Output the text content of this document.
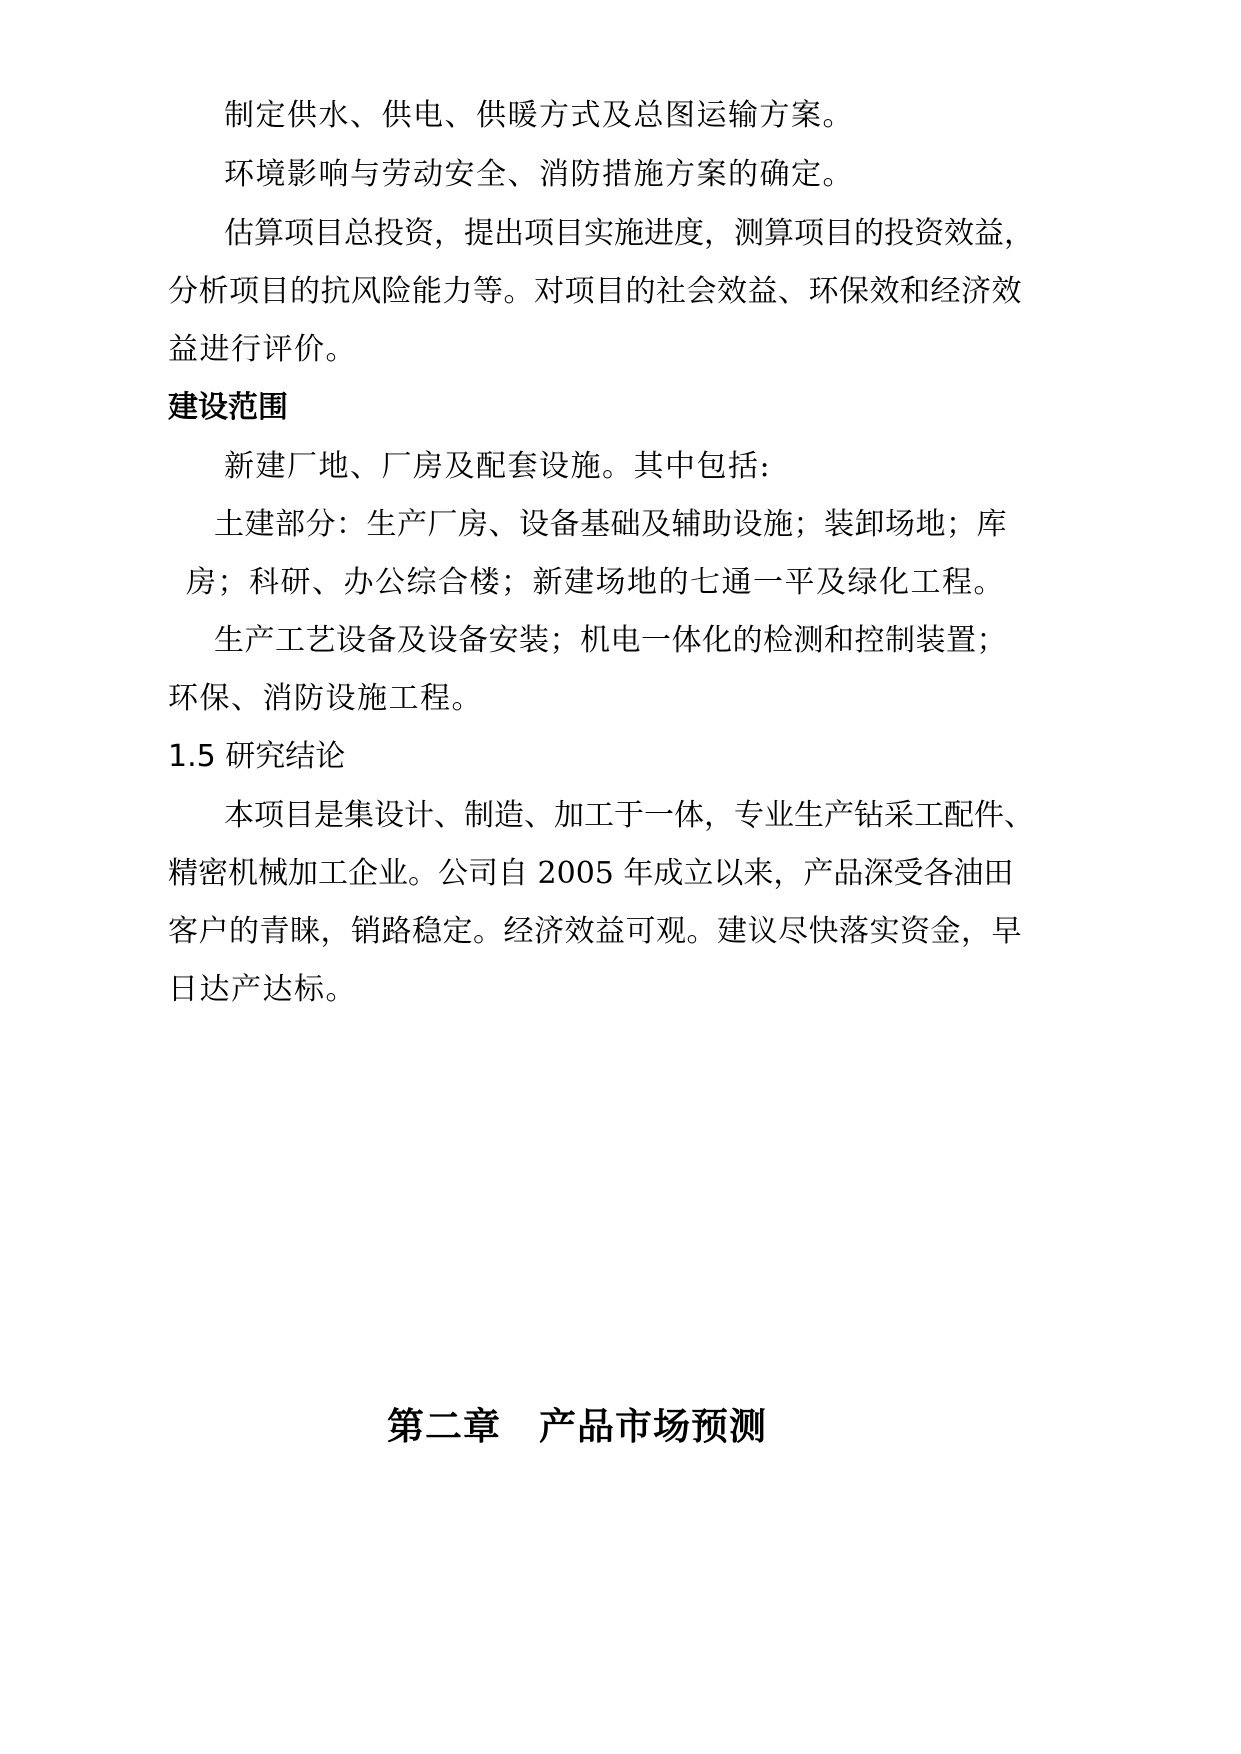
制定供水、供电、供暖方式及总图运输方案。

环境影响与劳动安全、消防措施方案的确定。

估算项目总投资，提出项目实施进度，测算项目的投资效益，

分析项目的抗风险能力等。对项目的社会效益、环保效和经济效

益进行评价。

建设范围

新建厂地、厂房及配套设施。其中包括:

土建部分：生产厂房、设备基础及辅助设施；装卸场地；库

房；科研、办公综合楼；新建场地的七通一平及绿化工程。

生产工艺设备及设备安装；机电一体化的检测和控制装置；

环保、消防设施工程。

1.5 研究结论

本项目是集设计、制造、加工于一体，专业生产钻采工配件、

精密机械加工企业。公司自 2005 年成立以来，产品深受各油田

客户的青睐，销路稳定。经济效益可观。建议尽快落实资金，早

日达产达标。

第二章　产品市场预测
